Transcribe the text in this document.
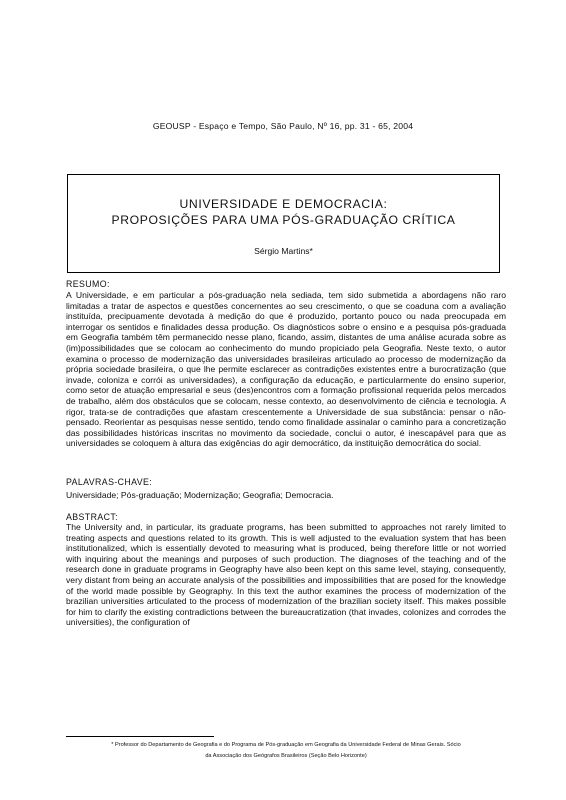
GEOUSP - Espaço e Tempo, São Paulo, Nº 16, pp. 31 - 65, 2004
UNIVERSIDADE E DEMOCRACIA:
PROPOSIÇÕES PARA UMA PÓS-GRADUAÇÃO CRÍTICA
Sérgio Martins*
RESUMO:
A Universidade, e em particular a pós-graduação nela sediada, tem sido submetida a abordagens não raro limitadas a tratar de aspectos e questões concernentes ao seu crescimento, o que se coaduna com a avaliação instituída, precipuamente devotada à medição do que é produzido, portanto pouco ou nada preocupada em interrogar os sentidos e finalidades dessa produção. Os diagnósticos sobre o ensino e a pesquisa pós-graduada em Geografia também têm permanecido nesse plano, ficando, assim, distantes de uma análise acurada sobre as (im)possibilidades que se colocam ao conhecimento do mundo propiciado pela Geografia. Neste texto, o autor examina o processo de modernização das universidades brasileiras articulado ao processo de modernização da própria sociedade brasileira, o que lhe permite esclarecer as contradições existentes entre a burocratização (que invade, coloniza e corrói as universidades), a configuração da educação, e particularmente do ensino superior, como setor de atuação empresarial e seus (des)encontros com a formação profissional requerida pelos mercados de trabalho, além dos obstáculos que se colocam, nesse contexto, ao desenvolvimento de ciência e tecnologia. A rigor, trata-se de contradições que afastam crescentemente a Universidade de sua substância: pensar o não-pensado. Reorientar as pesquisas nesse sentido, tendo como finalidade assinalar o caminho para a concretização das possibilidades históricas inscritas no movimento da sociedade, conclui o autor, é inescapável para que as universidades se coloquem à altura das exigências do agir democrático, da instituição democrática do social.
PALAVRAS-CHAVE:
Universidade; Pós-graduação; Modernização; Geografia; Democracia.
ABSTRACT:
The University and, in particular, its graduate programs, has been submitted to approaches not rarely limited to treating aspects and questions related to its growth. This is well adjusted to the evaluation system that has been institutionalized, which is essentially devoted to measuring what is produced, being therefore little or not worried with inquiring about the meanings and purposes of such production. The diagnoses of the teaching and of the research done in graduate programs in Geography have also been kept on this same level, staying, consequently, very distant from being an accurate analysis of the possibilities and impossibilities that are posed for the knowledge of the world made possible by Geography. In this text the author examines the process of modernization of the brazilian universities articulated to the process of modernization of the brazilian society itself. This makes possible for him to clarify the existing contradictions between the bureaucratization (that invades, colonizes and corrodes the universities), the configuration of
* Professor do Departamento de Geografia e do Programa de Pós-graduação em Geografia da Universidade Federal de Minas Gerais. Sócio
da Associação dos Geógrafos Brasileiros (Seção Belo Horizonte)
